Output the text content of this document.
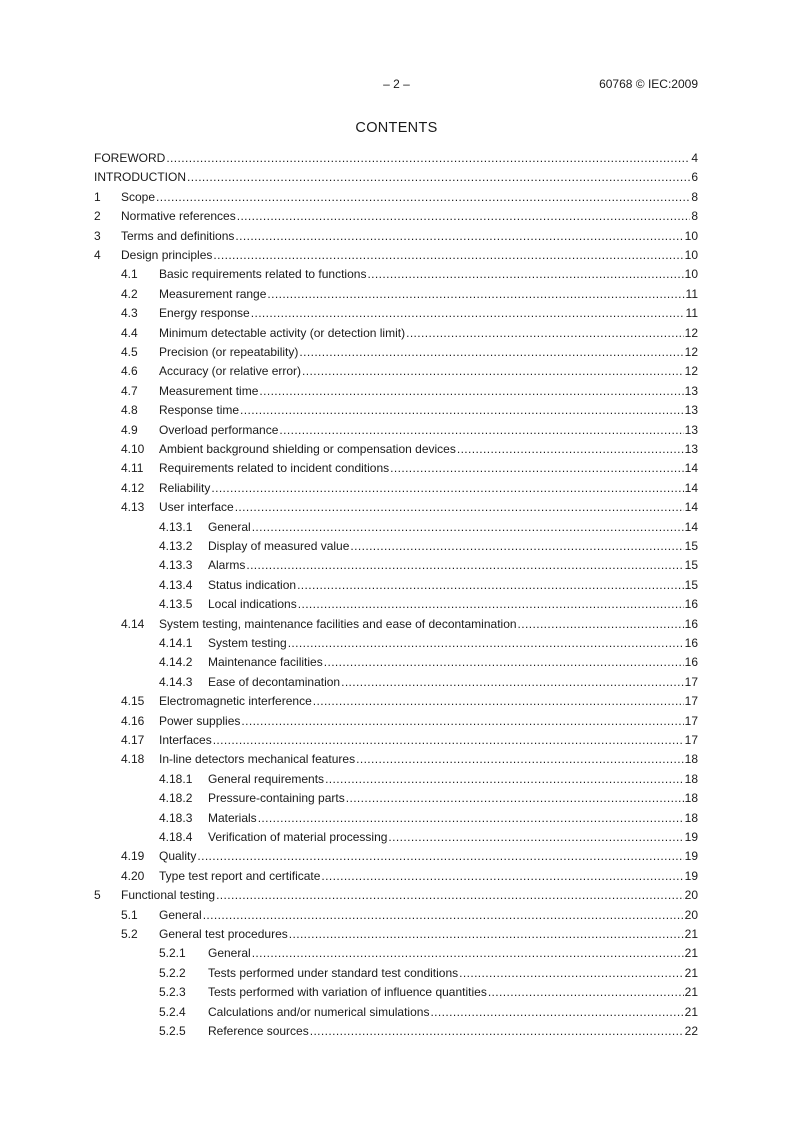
– 2 –	60768 © IEC:2009
CONTENTS
FOREWORD .....	4
INTRODUCTION .....	6
1	Scope .....	8
2	Normative references .....	8
3	Terms and definitions .....	10
4	Design principles .....	10
4.1	Basic requirements related to functions .....	10
4.2	Measurement range .....	11
4.3	Energy response .....	11
4.4	Minimum detectable activity (or detection limit) .....	12
4.5	Precision (or repeatability) .....	12
4.6	Accuracy (or relative error) .....	12
4.7	Measurement time .....	13
4.8	Response time .....	13
4.9	Overload performance .....	13
4.10	Ambient background shielding or compensation devices .....	13
4.11	Requirements related to incident conditions .....	14
4.12	Reliability .....	14
4.13	User interface .....	14
4.13.1	General .....	14
4.13.2	Display of measured value .....	15
4.13.3	Alarms .....	15
4.13.4	Status indication .....	15
4.13.5	Local indications .....	16
4.14	System testing, maintenance facilities and ease of decontamination .....	16
4.14.1	System testing .....	16
4.14.2	Maintenance facilities .....	16
4.14.3	Ease of decontamination .....	17
4.15	Electromagnetic interference .....	17
4.16	Power supplies .....	17
4.17	Interfaces .....	17
4.18	In-line detectors mechanical features .....	18
4.18.1	General requirements .....	18
4.18.2	Pressure-containing parts .....	18
4.18.3	Materials .....	18
4.18.4	Verification of material processing .....	19
4.19	Quality .....	19
4.20	Type test report and certificate .....	19
5	Functional testing .....	20
5.1	General .....	20
5.2	General test procedures .....	21
5.2.1	General .....	21
5.2.2	Tests performed under standard test conditions .....	21
5.2.3	Tests performed with variation of influence quantities .....	21
5.2.4	Calculations and/or numerical simulations .....	21
5.2.5	Reference sources .....	22
